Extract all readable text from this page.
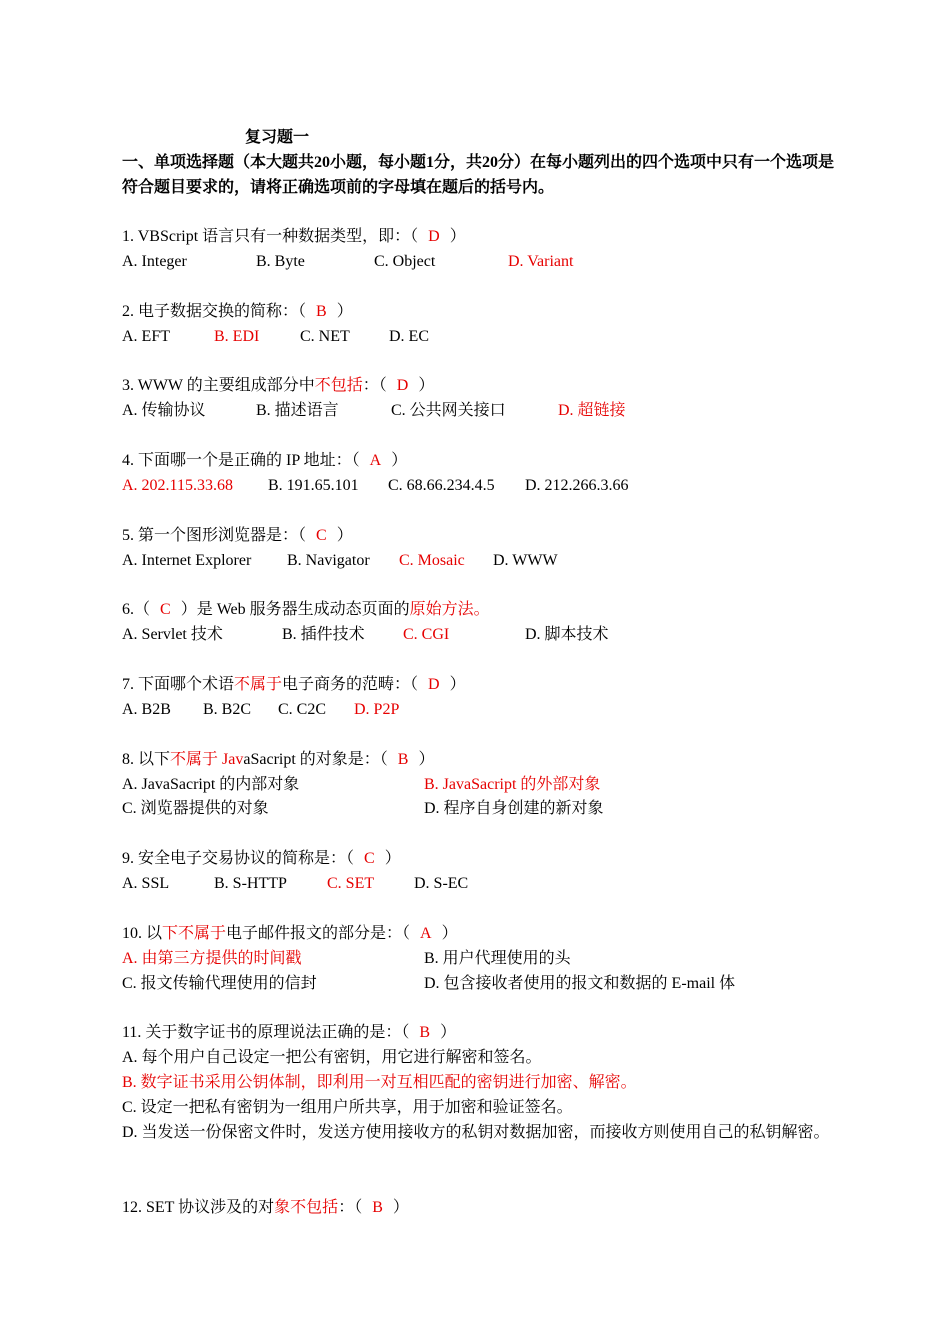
复习题一
一、单项选择题（本大题共20小题，每小题1分，共20分）在每小题列出的四个选项中只有一个选项是符合题目要求的，请将正确选项前的字母填在题后的括号内。
1. VBScript 语言只有一种数据类型，即：（ D ）
A. Integer	B. Byte	C. Object	D. Variant
2. 电子数据交换的简称：（ B ）
A. EFT	B. EDI	C. NET D. EC
3. WWW 的主要组成部分中不包括：（ D ）
A. 传输协议	B. 描述语言	C. 公共网关接口	D. 超链接
4. 下面哪一个是正确的 IP 地址：（ A ）
A. 202.115.33.68 B. 191.65.101 C. 68.66.234.4.5 D. 212.266.3.66
5. 第一个图形浏览器是：（ C ）
A. Internet Explorer B. Navigator C. Mosaic D. WWW
6.（ C ）是 Web 服务器生成动态页面的原始方法。
A. Servlet 技术	B. 插件技术 C. CGI	D. 脚本技术
7. 下面哪个术语不属于电子商务的范畴：（ D ）
A. B2B B. B2C C. C2C D. P2P
8. 以下不属于 JavaSacript 的对象是：（ B ）
A. JavaSacript 的内部对象	B. JavaSacript 的外部对象
C. 浏览器提供的对象	D. 程序自身创建的新对象
9. 安全电子交易协议的简称是：（ C ）
A. SSL	B. S-HTTP	C. SET D. S-EC
10. 以下不属于电子邮件报文的部分是：（ A ）
A. 由第三方提供的时间戳	B. 用户代理使用的头
C. 报文传输代理使用的信封	D. 包含接收者使用的报文和数据的 E-mail 体
11. 关于数字证书的原理说法正确的是：（ B ）
A. 每个用户自己设定一把公有密钥，用它进行解密和签名。
B. 数字证书采用公钥体制，即利用一对互相匹配的密钥进行加密、解密。
C. 设定一把私有密钥为一组用户所共享，用于加密和验证签名。
D. 当发送一份保密文件时，发送方使用接收方的私钥对数据加密，而接收方则使用自己的私钥解密。
12. SET 协议涉及的对象不包括：（ B ）
